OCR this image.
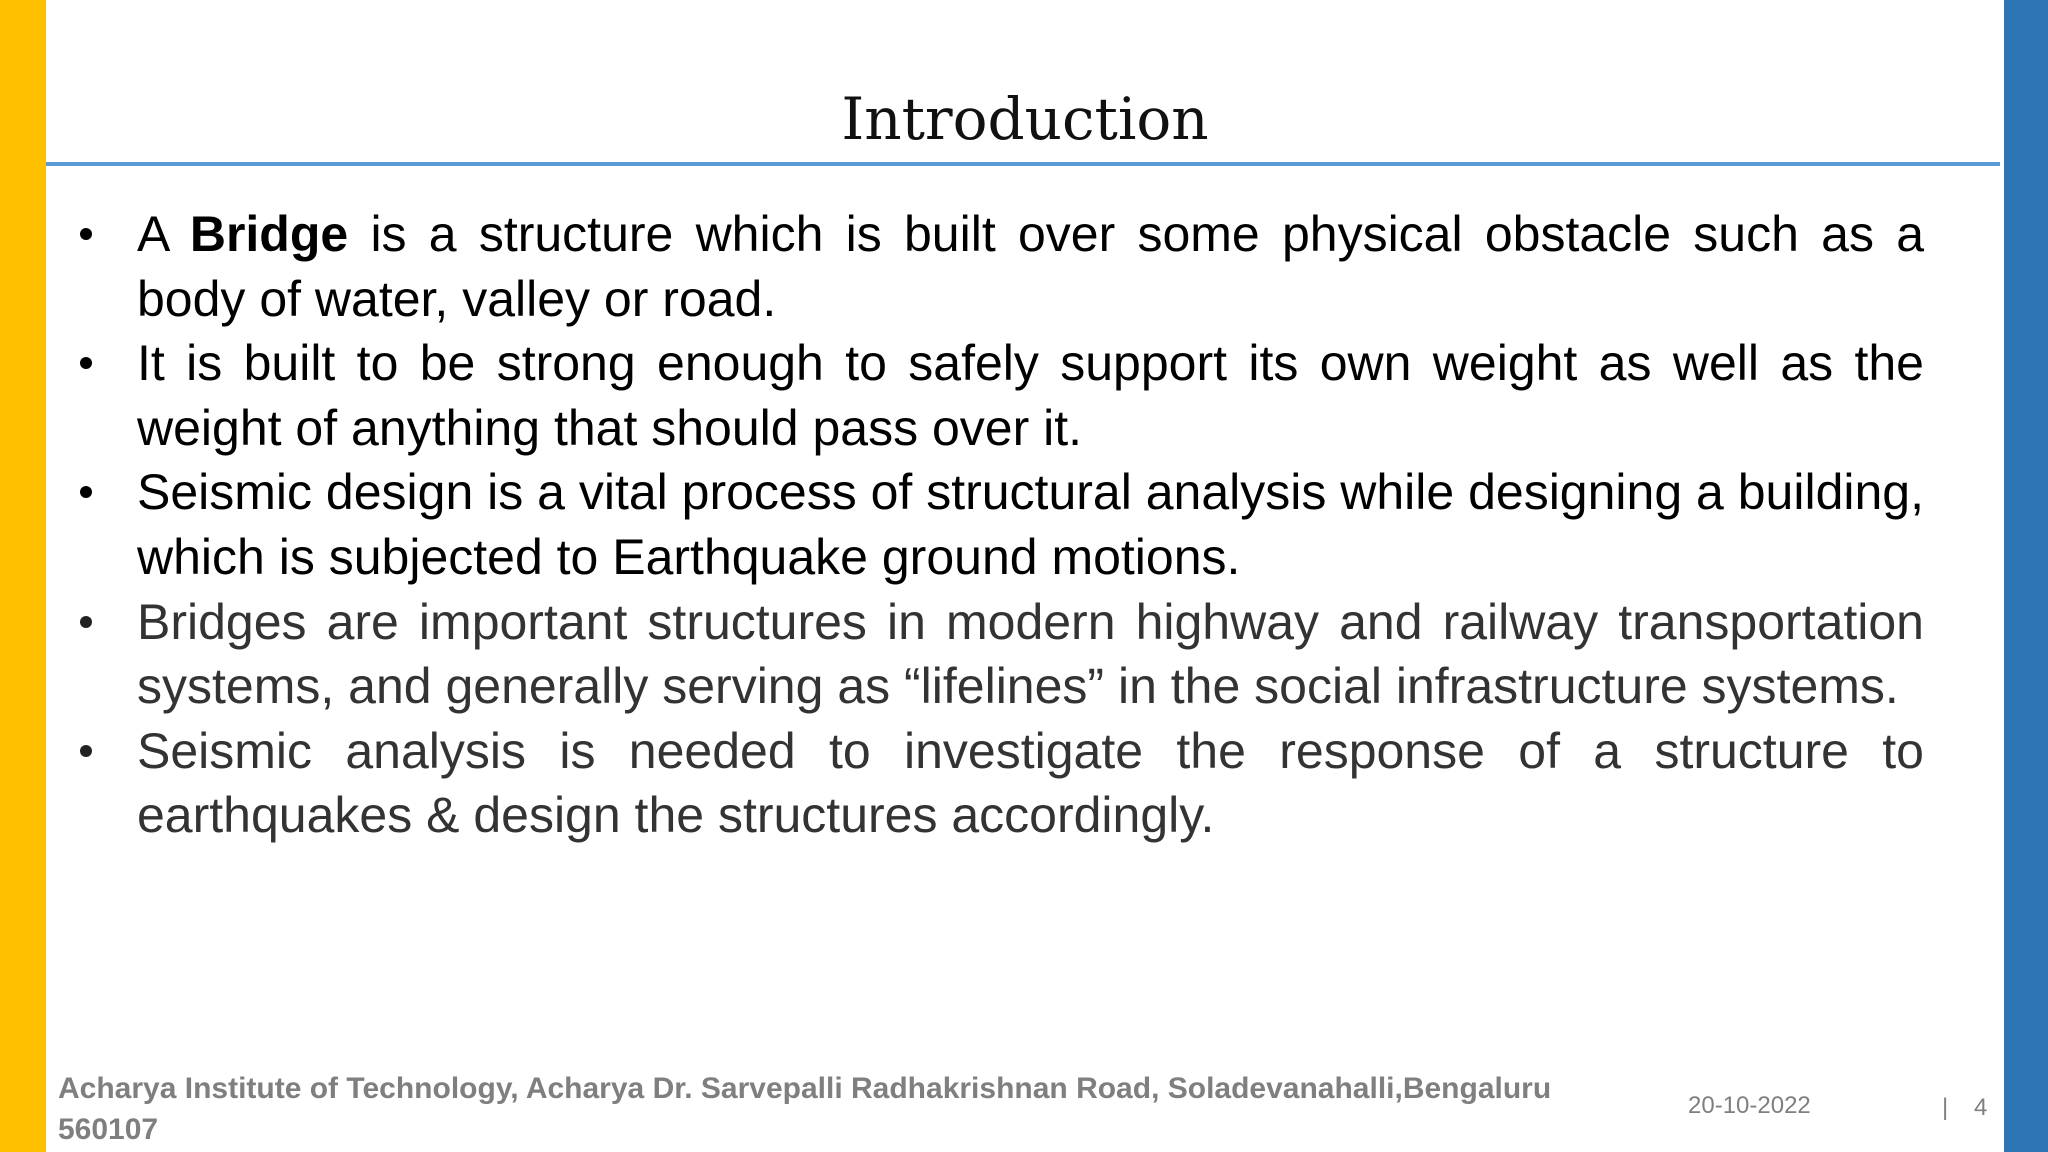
Introduction
A Bridge is a structure which is built over some physical obstacle such as a body of water, valley or road.
It is built to be strong enough to safely support its own weight as well as the weight of anything that should pass over it.
Seismic design is a vital process of structural analysis while designing a building, which is subjected to Earthquake ground motions.
Bridges are important structures in modern highway and railway transportation systems, and generally serving as “lifelines” in the social infrastructure systems.
Seismic analysis is needed to investigate the response of a structure to earthquakes & design the structures accordingly.
Acharya Institute of Technology, Acharya Dr. Sarvepalli Radhakrishnan Road, Soladevanahalli,Bengaluru 560107
20-10-2022	| 4
